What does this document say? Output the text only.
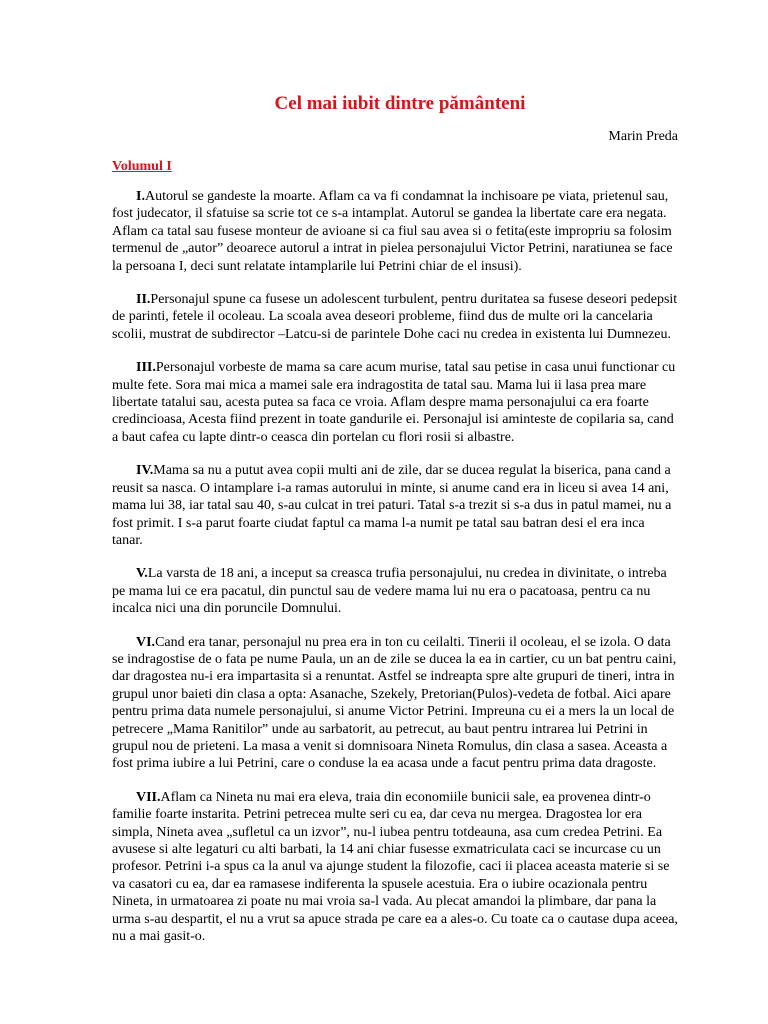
Cel mai iubit dintre pământeni
Marin Preda
Volumul I

I.Autorul se gandeste la moarte. Aflam ca va fi condamnat la inchisoare pe viata, prietenul sau, fost judecator, il sfatuise sa scrie tot ce s-a intamplat. Autorul se gandea la libertate care era negata. Aflam ca tatal sau fusese monteur de avioane si ca fiul sau avea si o fetita(este impropriu sa folosim termenul de „autor” deoarece autorul a intrat in pielea personajului Victor Petrini, naratiunea se face la persoana I, deci sunt relatate intamplarile lui Petrini chiar de el insusi).

II.Personajul spune ca fusese un adolescent turbulent, pentru duritatea sa fusese deseori pedepsit de parinti, fetele il ocoleau. La scoala avea deseori probleme, fiind dus de multe ori la cancelaria scolii, mustrat de subdirector –Latcu-si de parintele Dohe caci nu credea in existenta lui Dumnezeu.

III.Personajul vorbeste de mama sa care acum murise, tatal sau petise in casa unui functionar cu multe fete. Sora mai mica a mamei sale era indragostita de tatal sau. Mama lui ii lasa prea mare libertate tatalui sau, acesta putea sa faca ce vroia. Aflam despre mama personajului ca era foarte credincioasa, Acesta fiind prezent in toate gandurile ei. Personajul isi aminteste de copilaria sa, cand a baut cafea cu lapte dintr-o ceasca din portelan cu flori rosii si albastre.

IV.Mama sa nu a putut avea copii multi ani de zile, dar se ducea regulat la biserica, pana cand a reusit sa nasca. O intamplare i-a ramas autorului in minte, si anume cand era in liceu si avea 14 ani, mama lui 38, iar tatal sau 40, s-au culcat in trei paturi. Tatal s-a trezit si s-a dus in patul mamei, nu a fost primit. I s-a parut foarte ciudat faptul ca mama l-a numit pe tatal sau batran desi el era inca tanar.

V.La varsta de 18 ani, a inceput sa creasca trufia personajului, nu credea in divinitate, o intreba pe mama lui ce era pacatul, din punctul sau de vedere mama lui nu era o pacatoasa, pentru ca nu incalca nici una din poruncile Domnului.

VI.Cand era tanar, personajul nu prea era in ton cu ceilalti. Tinerii il ocoleau, el se izola. O data se indragostise de o fata pe nume Paula, un an de zile se ducea la ea in cartier, cu un bat pentru caini, dar dragostea nu-i era impartasita si a renuntat. Astfel se indreapta spre alte grupuri de tineri, intra in grupul unor baieti din clasa a opta: Asanache, Szekely, Pretorian(Pulos)-vedeta de fotbal. Aici apare pentru prima data numele personajului, si anume Victor Petrini. Impreuna cu ei a mers la un local de petrecere „Mama Ranitilor” unde au sarbatorit, au petrecut, au baut pentru intrarea lui Petrini in grupul nou de prieteni. La masa a venit si domnisoara Nineta Romulus, din clasa a sasea. Aceasta a fost prima iubire a lui Petrini, care o conduse la ea acasa unde a facut pentru prima data dragoste.

VII.Aflam ca Nineta nu mai era eleva, traia din economiile bunicii sale, ea provenea dintr-o familie foarte instarita. Petrini petrecea multe seri cu ea, dar ceva nu mergea. Dragostea lor era simpla, Nineta avea „sufletul ca un izvor”, nu-l iubea pentru totdeauna, asa cum credea Petrini. Ea avusese si alte legaturi cu alti barbati, la 14 ani chiar fusesse exmatriculata caci se incurcase cu un profesor. Petrini i-a spus ca la anul va ajunge student la filozofie, caci ii placea aceasta materie si se va casatori cu ea, dar ea ramasese indiferenta la spusele acestuia. Era o iubire ocazionala pentru Nineta, in urmatoarea zi poate nu mai vroia sa-l vada. Au plecat amandoi la plimbare, dar pana la urma s-au despartit, el nu a vrut sa apuce strada pe care ea a ales-o. Cu toate ca o cautase dupa aceea, nu a mai gasit-o.
